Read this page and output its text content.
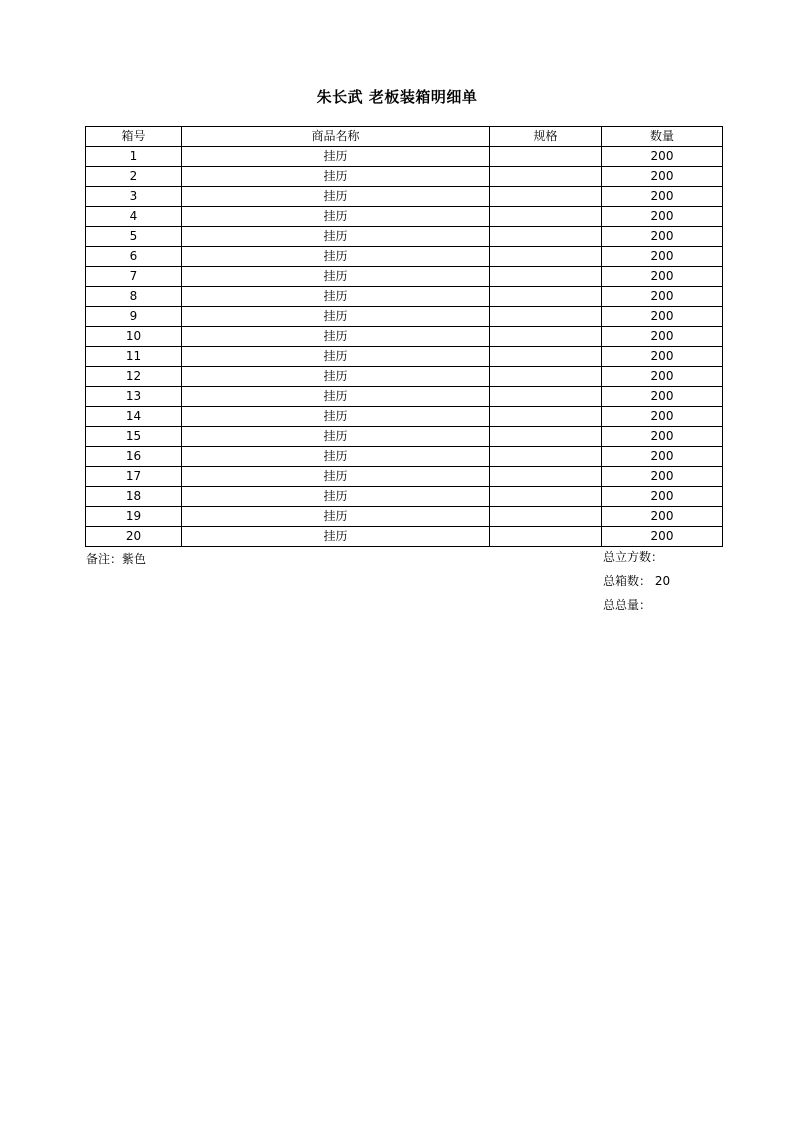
朱长武 老板装箱明细单
箱号	商品名称	规格	数量
1	挂历		200
2	挂历		200
3	挂历		200
4	挂历		200
5	挂历		200
6	挂历		200
7	挂历		200
8	挂历		200
9	挂历		200
10	挂历		200
11	挂历		200
12	挂历		200
13	挂历		200
14	挂历		200
15	挂历		200
16	挂历		200
17	挂历		200
18	挂历		200
19	挂历		200
20	挂历		200
备注：紫色	总立方数：
总箱数： 20
总总量：
